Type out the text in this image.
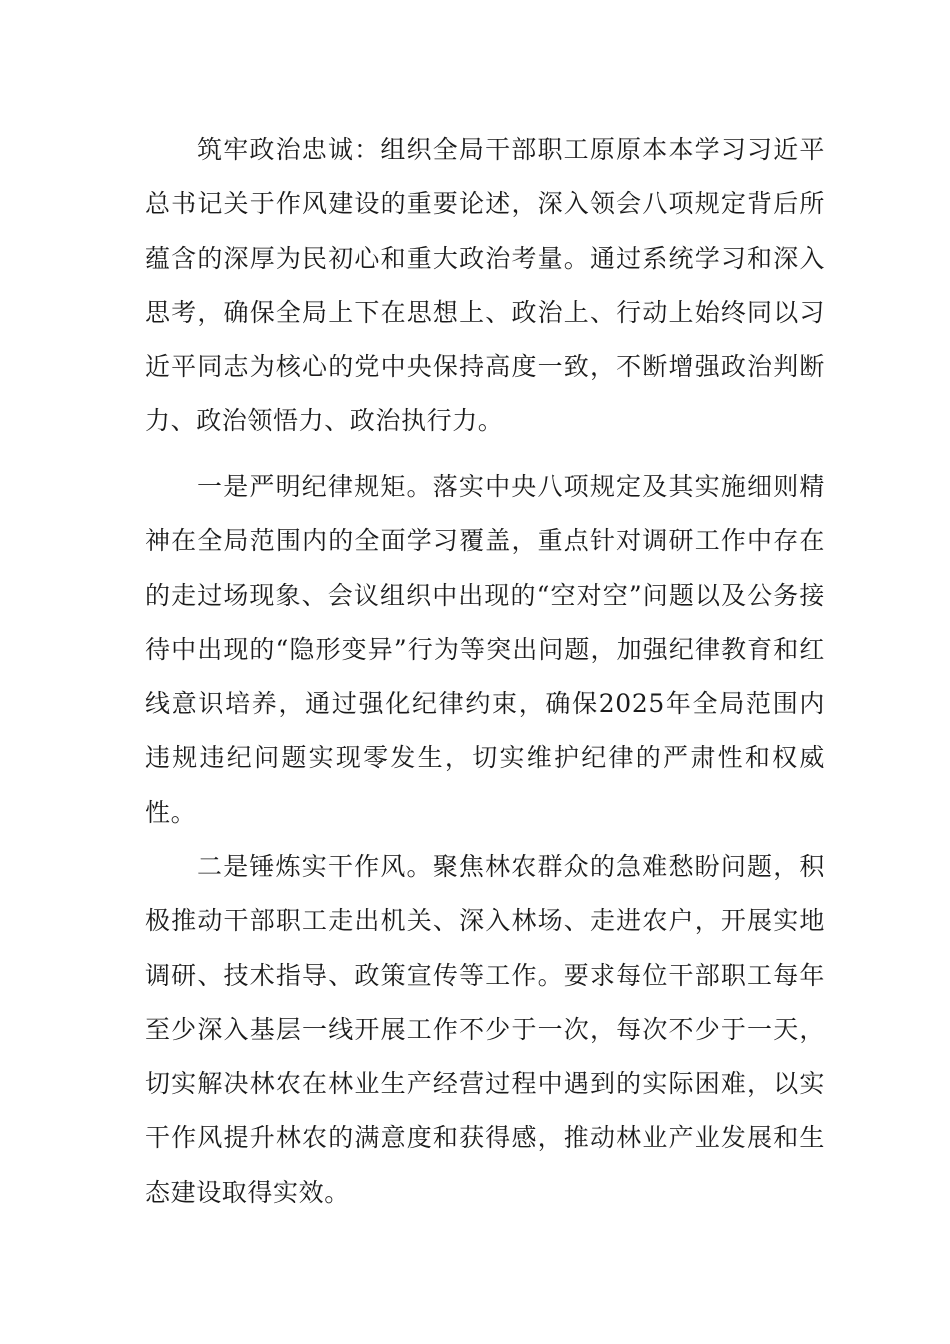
筑牢政治忠诚：组织全局干部职工原原本本学习习近平总书记关于作风建设的重要论述，深入领会八项规定背后所蕴含的深厚为民初心和重大政治考量。通过系统学习和深入思考，确保全局上下在思想上、政治上、行动上始终同以习近平同志为核心的党中央保持高度一致，不断增强政治判断力、政治领悟力、政治执行力。

一是严明纪律规矩。落实中央八项规定及其实施细则精神在全局范围内的全面学习覆盖，重点针对调研工作中存在的走过场现象、会议组织中出现的“空对空”问题以及公务接待中出现的“隐形变异”行为等突出问题，加强纪律教育和红线意识培养，通过强化纪律约束，确保2025年全局范围内违规违纪问题实现零发生，切实维护纪律的严肃性和权威性。

二是锤炼实干作风。聚焦林农群众的急难愁盼问题，积极推动干部职工走出机关、深入林场、走进农户，开展实地调研、技术指导、政策宣传等工作。要求每位干部职工每年至少深入基层一线开展工作不少于一次，每次不少于一天，切实解决林农在林业生产经营过程中遇到的实际困难，以实干作风提升林农的满意度和获得感，推动林业产业发展和生态建设取得实效。
